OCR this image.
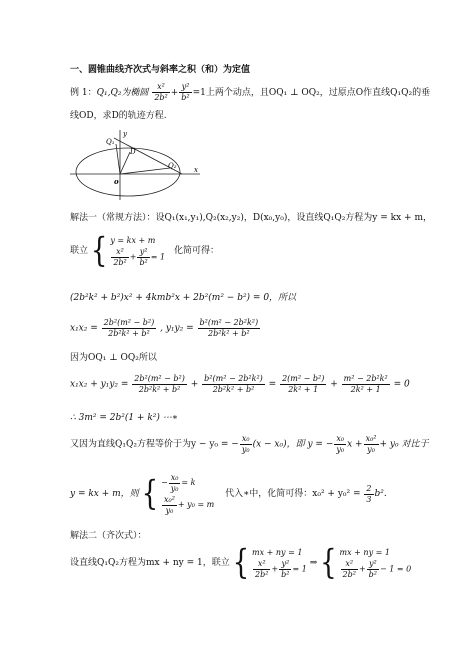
一、圆锥曲线齐次式与斜率之积（和）为定值
例 1：Q₁,Q₂为椭圆 $\frac{\text{x²}}{\text{2b²}} + \frac{\text{y²}}{\text{b²}} =1$上两个动点，且OQ₁ ⊥ OQ₂，过原点O作直线Q₁Q₂的垂
线OD，求D的轨迹方程.
Q₁
D
Q₂
o
x
y
解法一（常规方法）：设Q₁(x₁,y₁),Q₂(x₂,y₂)，D(x₀,y₀)，设直线Q₁Q₂方程为y = kx + m，
联立 { y = kx + m
$\frac{\text{x²}}{\text{2b²}} + \frac{\text{y²}}{\text{b²}} = 1$
化简可得：
(2b²k² + b²)x² + 4kmb²x + 2b²(m² − b²) = 0，所以
$x_1x_2 = \frac{\text{2b²(m² − b²)}}{\text{2b²k² + b²}}$ , $y_1y_2 = \frac{\text{b²(m² − 2b²k²)}}{\text{2b²k² + b²}}$
因为OQ₁ ⊥ OQ₂所以
$x_1x_2 + y_1y_2 = \frac{\text{2b²(m² − b²)}}{\text{2b²k² + b²}} + \frac{\text{b²(m² − 2b²k²)}}{\text{2b²k² + b²}} = \frac{\text{2(m² − b²)}}{\text{2k² + 1}} + \frac{\text{m² − 2b²k²}}{\text{2k² + 1}} = 0$
∴ 3m² = 2b²(1 + k²) ⋯∗
又因为直线Q₁Q₂方程等价于为y − y₀ = − $\frac{\text{x₀}}{\text{y₀}} (x - x_0)$，即 y = − $\frac{\text{x₀}}{\text{y₀}}$ $x + \frac{\text{x₀²}}{\text{y₀}} + y_0$ 对比于
y = kx + m，则 { − $\frac{\text{x₀}}{\text{y₀}} = k$
$\frac{\text{x₀²}}{\text{y₀}} + y_0 = m$
代入∗中，化简可得：$x_0^2 + y_0^2 = \frac{2}{3} b^2$.
解法二（齐次式）：
设直线Q₁Q₂方程为mx + ny = 1，联立 { mx + ny = 1
$\frac{\text{x²}}{\text{2b²}} + \frac{\text{y²}}{\text{b²}} = 1$
⇒ { mx + ny = 1
$\frac{\text{x²}}{\text{2b²}} + \frac{\text{y²}}{\text{b²}} - 1 = 0$
